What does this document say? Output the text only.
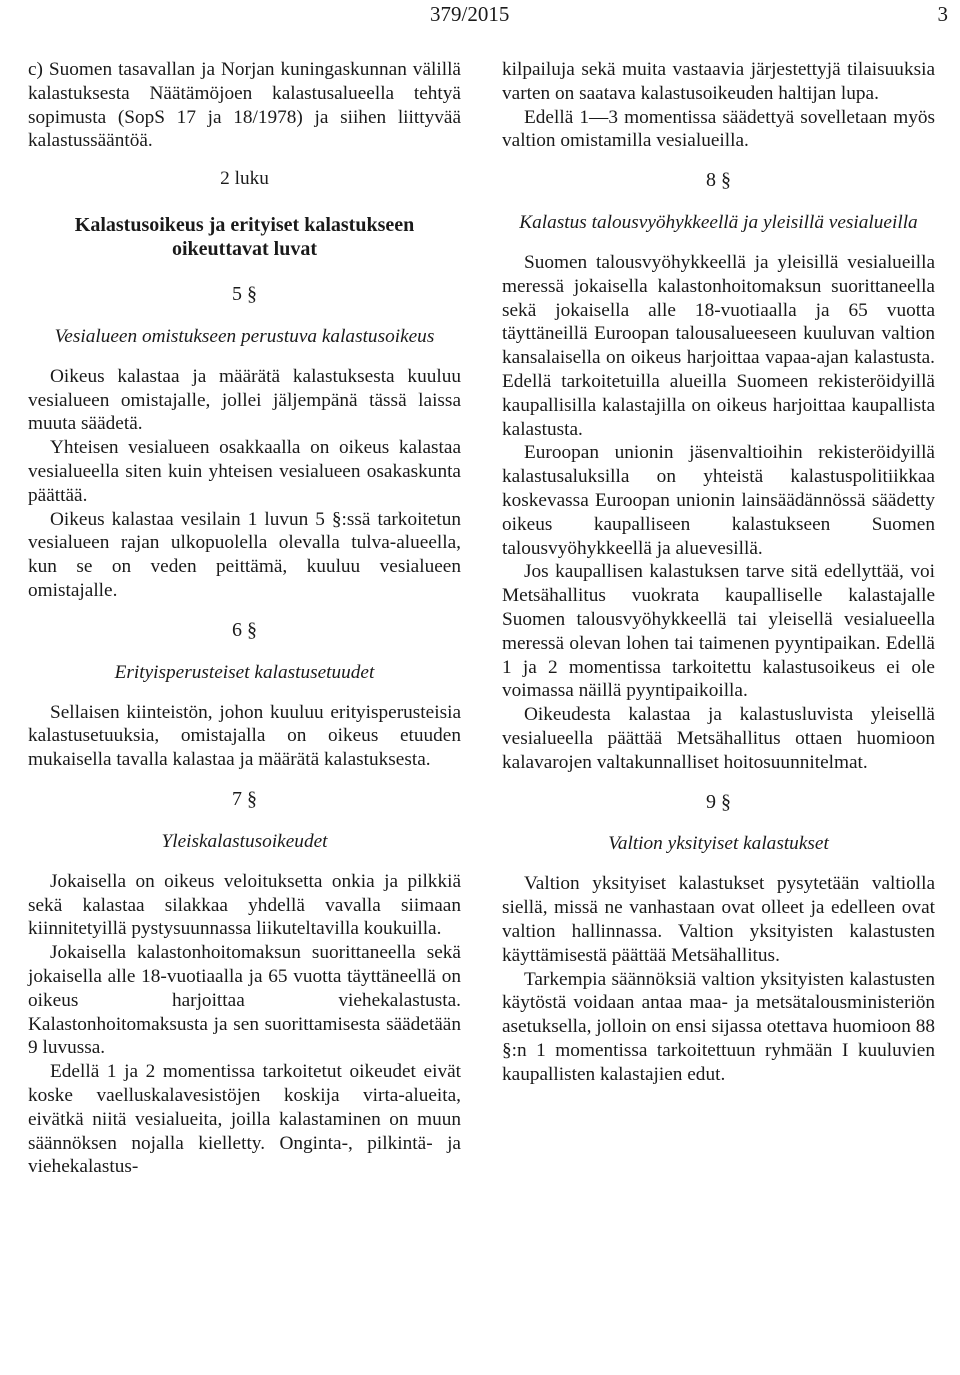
379/2015	3

c) Suomen tasavallan ja Norjan kuningaskunnan välillä kalastuksesta Näätämöjoen kalastusalueella tehtyä sopimusta (SopS 17 ja 18/1978) ja siihen liittyvää kalastussääntöä.

2 luku
Kalastusoikeus ja erityiset kalastukseen oikeuttavat luvat
5 §
Vesialueen omistukseen perustuva kalastusoikeus

Oikeus kalastaa ja määrätä kalastuksesta kuuluu vesialueen omistajalle, jollei jäljempänä tässä laissa muuta säädetä.

Yhteisen vesialueen osakkaalla on oikeus kalastaa vesialueella siten kuin yhteisen vesialueen osakaskunta päättää.

Oikeus kalastaa vesilain 1 luvun 5 §:ssä tarkoitetun vesialueen rajan ulkopuolella olevalla tulva-alueella, kun se on veden peittämä, kuuluu vesialueen omistajalle.

6 §
Erityisperusteiset kalastusetuudet

Sellaisen kiinteistön, johon kuuluu erityisperusteisia kalastusetuuksia, omistajalla on oikeus etuuden mukaisella tavalla kalastaa ja määrätä kalastuksesta.

7 §
Yleiskalastusoikeudet

Jokaisella on oikeus veloituksetta onkia ja pilkkiä sekä kalastaa silakkaa yhdellä vavalla siimaan kiinnitetyillä pystysuunnassa liikuteltavilla koukuilla.

Jokaisella kalastonhoitomaksun suorittaneella sekä jokaisella alle 18-vuotiaalla ja 65 vuotta täyttäneellä on oikeus harjoittaa viehekalastusta. Kalastonhoitomaksusta ja sen suorittamisesta säädetään 9 luvussa.

Edellä 1 ja 2 momentissa tarkoitetut oikeudet eivät koske vaelluskalavesistöjen koskija virta-alueita, eivätkä niitä vesialueita, joilla kalastaminen on muun säännöksen nojalla kielletty. Onginta-, pilkintä- ja viehekalastus-

kilpailuja sekä muita vastaavia järjestettyjä tilaisuuksia varten on saatava kalastusoikeuden haltijan lupa.

Edellä 1—3 momentissa säädettyä sovelletaan myös valtion omistamilla vesialueilla.

8 §
Kalastus talousvyöhykkeellä ja yleisillä vesialueilla

Suomen talousvyöhykkeellä ja yleisillä vesialueilla meressä jokaisella kalastonhoitomaksun suorittaneella sekä jokaisella alle 18-vuotiaalla ja 65 vuotta täyttäneillä Euroopan talousalueeseen kuuluvan valtion kansalaisella on oikeus harjoittaa vapaa-ajan kalastusta. Edellä tarkoitetuilla alueilla Suomeen rekisteröidyillä kaupallisilla kalastajilla on oikeus harjoittaa kaupallista kalastusta.

Euroopan unionin jäsenvaltioihin rekisteröidyillä kalastusaluksilla on yhteistä kalastuspolitiikkaa koskevassa Euroopan unionin lainsäädännössä säädetty oikeus kaupalliseen kalastukseen Suomen talousvyöhykkeellä ja aluevesillä.

Jos kaupallisen kalastuksen tarve sitä edellyttää, voi Metsähallitus vuokrata kaupalliselle kalastajalle Suomen talousvyöhykkeellä tai yleisellä vesialueella meressä olevan lohen tai taimenen pyyntipaikan. Edellä 1 ja 2 momentissa tarkoitettu kalastusoikeus ei ole voimassa näillä pyyntipaikoilla.

Oikeudesta kalastaa ja kalastusluvista yleisellä vesialueella päättää Metsähallitus ottaen huomioon kalavarojen valtakunnalliset hoitosuunnitelmat.

9 §
Valtion yksityiset kalastukset

Valtion yksityiset kalastukset pysytetään valtiolla siellä, missä ne vanhastaan ovat olleet ja edelleen ovat valtion hallinnassa. Valtion yksityisten kalastusten käyttämisestä päättää Metsähallitus.

Tarkempia säännöksiä valtion yksityisten kalastusten käytöstä voidaan antaa maa- ja metsätalousministeriön asetuksella, jolloin on ensi sijassa otettava huomioon 88 §:n 1 momentissa tarkoitettuun ryhmään I kuuluvien kaupallisten kalastajien edut.
